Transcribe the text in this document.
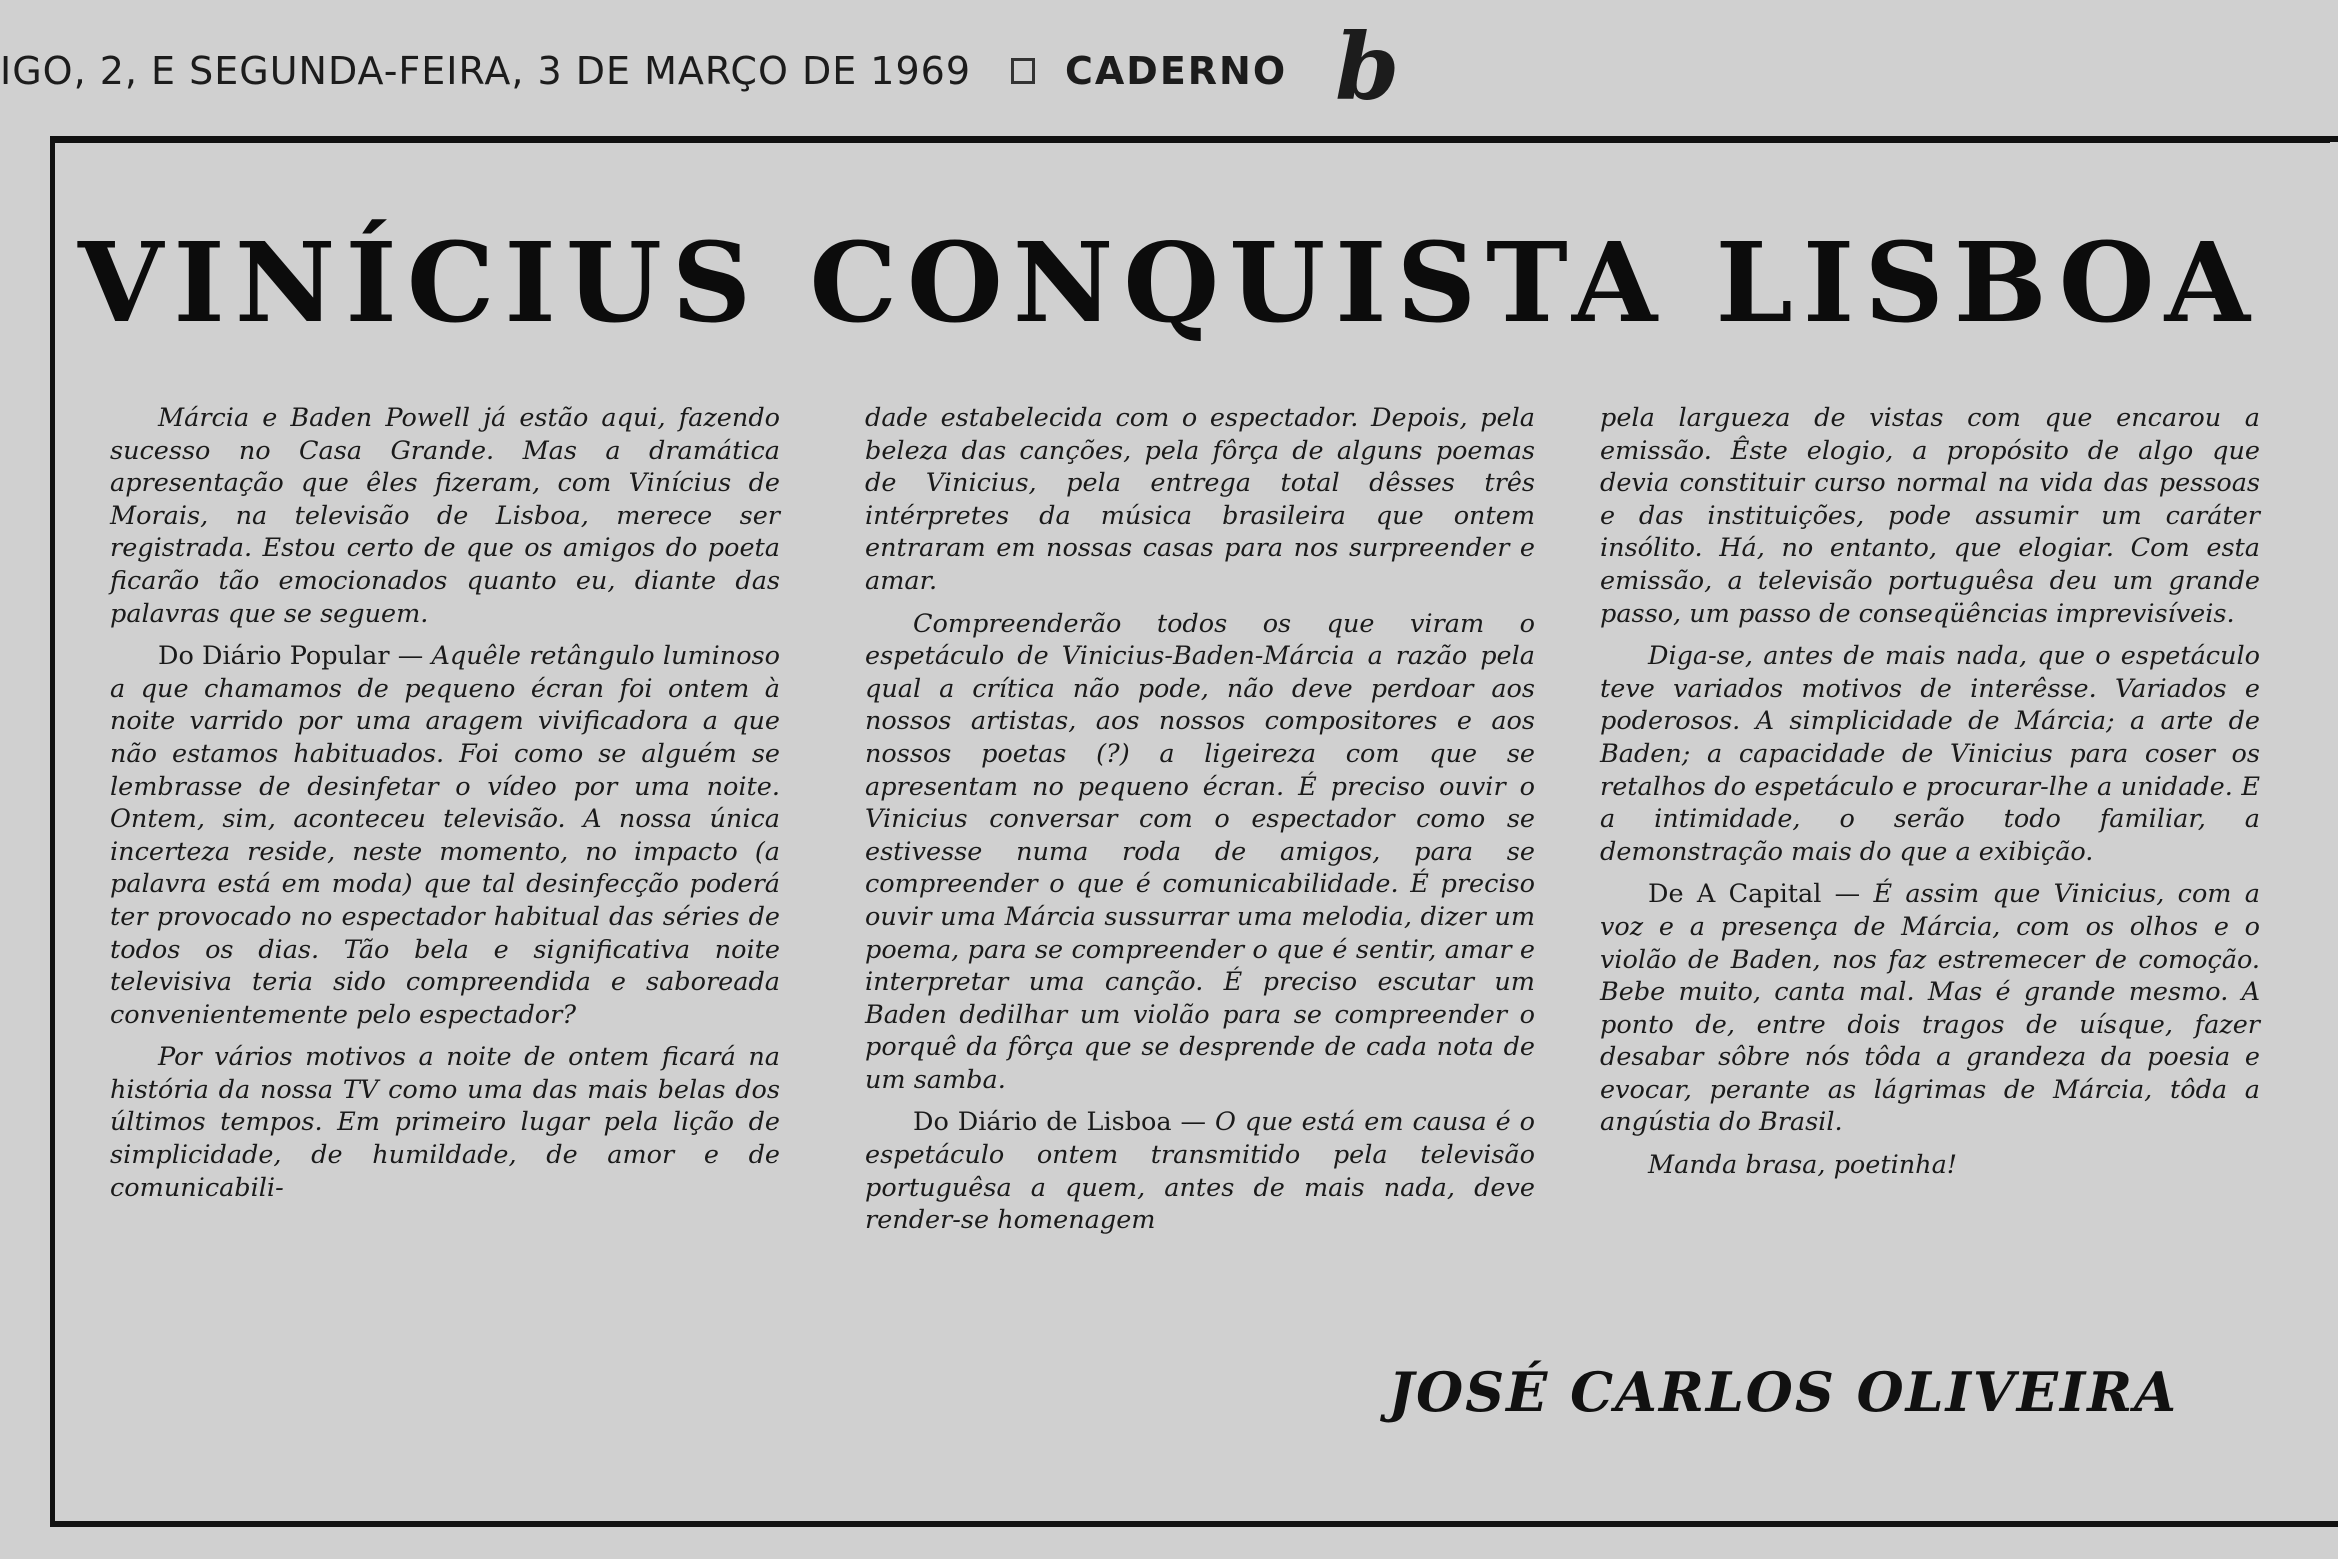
IGO, 2, E SEGUNDA-FEIRA, 3 DE MARÇO DE 1969 CADERNO b
VINÍCIUS CONQUISTA LISBOA

Márcia e Baden Powell já estão aqui, fazendo sucesso no Casa Grande. Mas a dramática apresentação que êles fizeram, com Vinícius de Morais, na televisão de Lisboa, merece ser registrada. Estou certo de que os amigos do poeta ficarão tão emocionados quanto eu, diante das palavras que se seguem.

Do Diário Popular — Aquêle retângulo luminoso a que chamamos de pequeno écran foi ontem à noite varrido por uma aragem vivificadora a que não estamos habituados. Foi como se alguém se lembrasse de desinfetar o vídeo por uma noite. Ontem, sim, aconteceu televisão. A nossa única incerteza reside, neste momento, no impacto (a palavra está em moda) que tal desinfecção poderá ter provocado no espectador habitual das séries de todos os dias. Tão bela e significativa noite televisiva teria sido compreendida e saboreada convenientemente pelo espectador?

Por vários motivos a noite de ontem ficará na história da nossa TV como uma das mais belas dos últimos tempos. Em primeiro lugar pela lição de simplicidade, de humildade, de amor e de comunicabili-

dade estabelecida com o espectador. Depois, pela beleza das canções, pela fôrça de alguns poemas de Vinicius, pela entrega total dêsses três intérpretes da música brasileira que ontem entraram em nossas casas para nos surpreender e amar.

Compreenderão todos os que viram o espetáculo de Vinicius-Baden-Márcia a razão pela qual a crítica não pode, não deve perdoar aos nossos artistas, aos nossos compositores e aos nossos poetas (?) a ligeireza com que se apresentam no pequeno écran. É preciso ouvir o Vinicius conversar com o espectador como se estivesse numa roda de amigos, para se compreender o que é comunicabilidade. É preciso ouvir uma Márcia sussurrar uma melodia, dizer um poema, para se compreender o que é sentir, amar e interpretar uma canção. É preciso escutar um Baden dedilhar um violão para se compreender o porquê da fôrça que se desprende de cada nota de um samba.

Do Diário de Lisboa — O que está em causa é o espetáculo ontem transmitido pela televisão portuguêsa a quem, antes de mais nada, deve render-se homenagem

pela largueza de vistas com que encarou a emissão. Êste elogio, a propósito de algo que devia constituir curso normal na vida das pessoas e das instituições, pode assumir um caráter insólito. Há, no entanto, que elogiar. Com esta emissão, a televisão portuguêsa deu um grande passo, um passo de conseqüências imprevisíveis.

Diga-se, antes de mais nada, que o espetáculo teve variados motivos de interêsse. Variados e poderosos. A simplicidade de Márcia; a arte de Baden; a capacidade de Vinicius para coser os retalhos do espetáculo e procurar-lhe a unidade. E a intimidade, o serão todo familiar, a demonstração mais do que a exibição.

De A Capital — É assim que Vinicius, com a voz e a presença de Márcia, com os olhos e o violão de Baden, nos faz estremecer de comoção. Bebe muito, canta mal. Mas é grande mesmo. A ponto de, entre dois tragos de uísque, fazer desabar sôbre nós tôda a grandeza da poesia e evocar, perante as lágrimas de Márcia, tôda a angústia do Brasil.

Manda brasa, poetinha!

JOSÉ CARLOS OLIVEIRA
